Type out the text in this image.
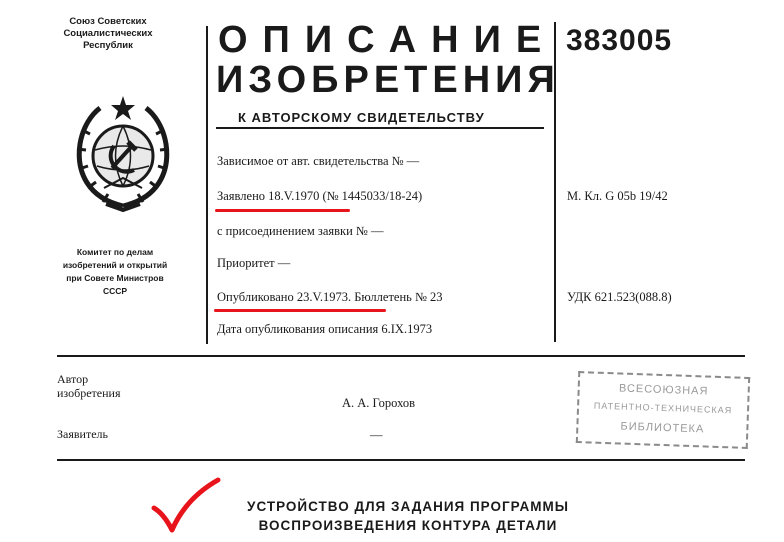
Союз Советских
Социалистических
Республик
Комитет по делам
изобретений и открытий
при Совете Министров
СССР
ОПИСАНИЕ
ИЗОБРЕТЕНИЯ
К АВТОРСКОМУ СВИДЕТЕЛЬСТВУ
383005
Зависимое от авт. свидетельства № —
Заявлено 18.V.1970 (№ 1445033/18-24)
с присоединением заявки № —
Приоритет —
Опубликовано 23.V.1973. Бюллетень № 23
Дата опубликования описания 6.IX.1973
М. Кл. G 05b 19/42
УДК 621.523(088.8)
Автор
изобретения
А. А. Горохов
Заявитель	—
ВСЕСОЮЗНАЯ
ПАТЕНТНО-ТЕХНИЧЕСКАЯ
БИБЛИОТЕКА
УСТРОЙСТВО ДЛЯ ЗАДАНИЯ ПРОГРАММЫ
ВОСПРОИЗВЕДЕНИЯ КОНТУРА ДЕТАЛИ
